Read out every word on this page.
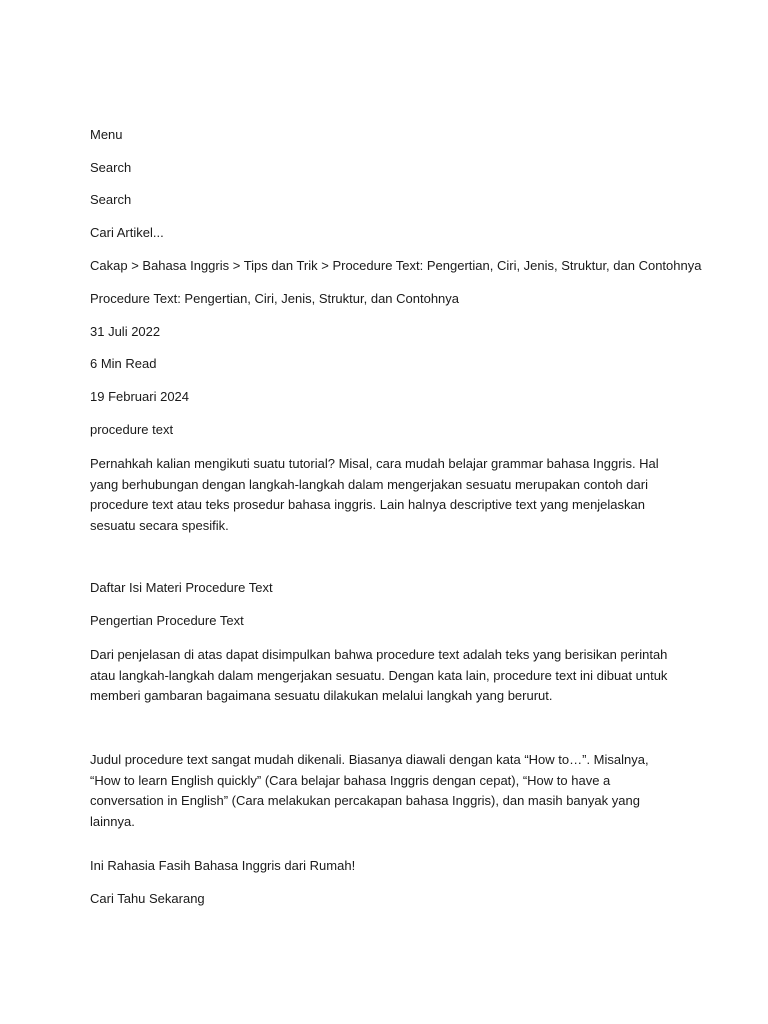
Menu
Search
Search
Cari Artikel...
Cakap > Bahasa Inggris > Tips dan Trik > Procedure Text: Pengertian, Ciri, Jenis, Struktur, dan Contohnya
Procedure Text: Pengertian, Ciri, Jenis, Struktur, dan Contohnya
31 Juli 2022
6 Min Read
19 Februari 2024
procedure text
Pernahkah kalian mengikuti suatu tutorial? Misal, cara mudah belajar grammar bahasa Inggris. Hal yang berhubungan dengan langkah-langkah dalam mengerjakan sesuatu merupakan contoh dari procedure text atau teks prosedur bahasa inggris. Lain halnya descriptive text yang menjelaskan sesuatu secara spesifik.
Daftar Isi Materi Procedure Text
Pengertian Procedure Text
Dari penjelasan di atas dapat disimpulkan bahwa procedure text adalah teks yang berisikan perintah atau langkah-langkah dalam mengerjakan sesuatu. Dengan kata lain, procedure text ini dibuat untuk memberi gambaran bagaimana sesuatu dilakukan melalui langkah yang berurut.
Judul procedure text sangat mudah dikenali. Biasanya diawali dengan kata “How to…”. Misalnya, “How to learn English quickly” (Cara belajar bahasa Inggris dengan cepat), “How to have a conversation in English” (Cara melakukan percakapan bahasa Inggris), dan masih banyak yang lainnya.
Ini Rahasia Fasih Bahasa Inggris dari Rumah!
Cari Tahu Sekarang
